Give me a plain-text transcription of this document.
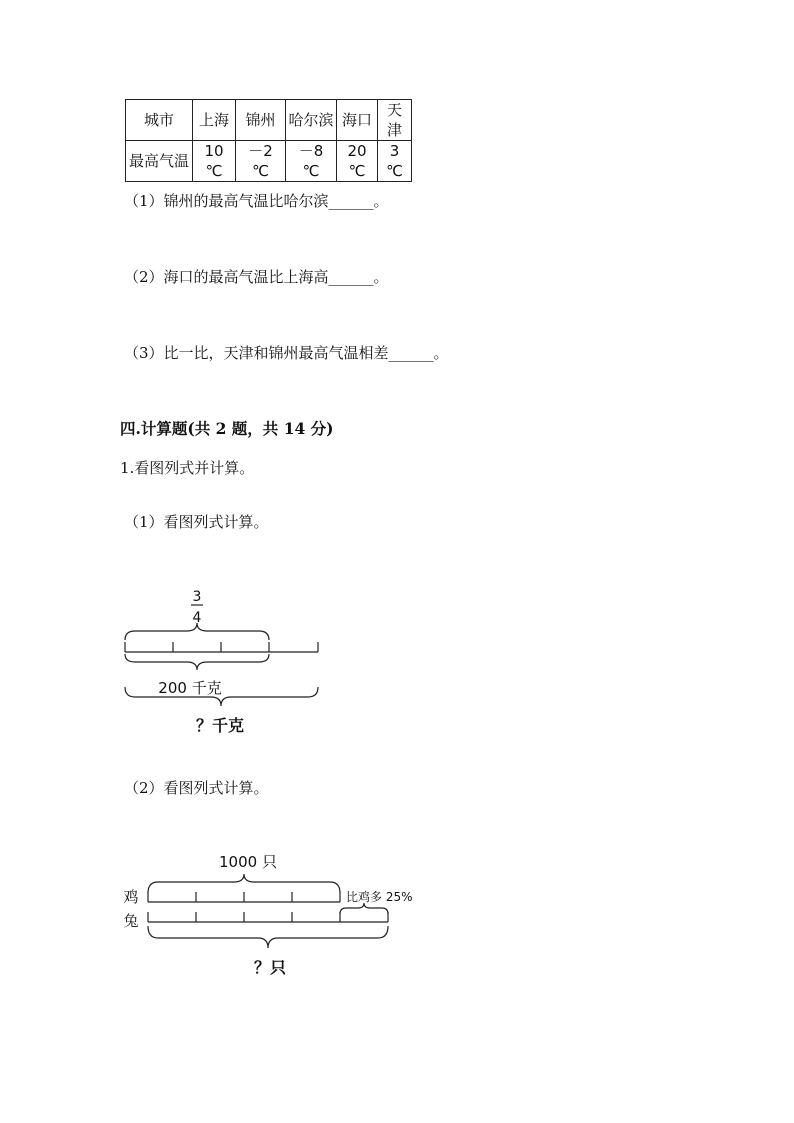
城市	上海	锦州	哈尔滨	海口	天津
最高气温	10 ℃	－2 ℃	－8 ℃	20 ℃	3 ℃
（1）锦州的最高气温比哈尔滨______。
（2）海口的最高气温比上海高______。
（3）比一比，天津和锦州最高气温相差______。
四.计算题(共 2 题，共 14 分)
1.看图列式并计算。
（1）看图列式计算。
（2）看图列式计算。
3
4
200 千克
？千克
1000 只
鸡
兔
比鸡多 25%
？只
